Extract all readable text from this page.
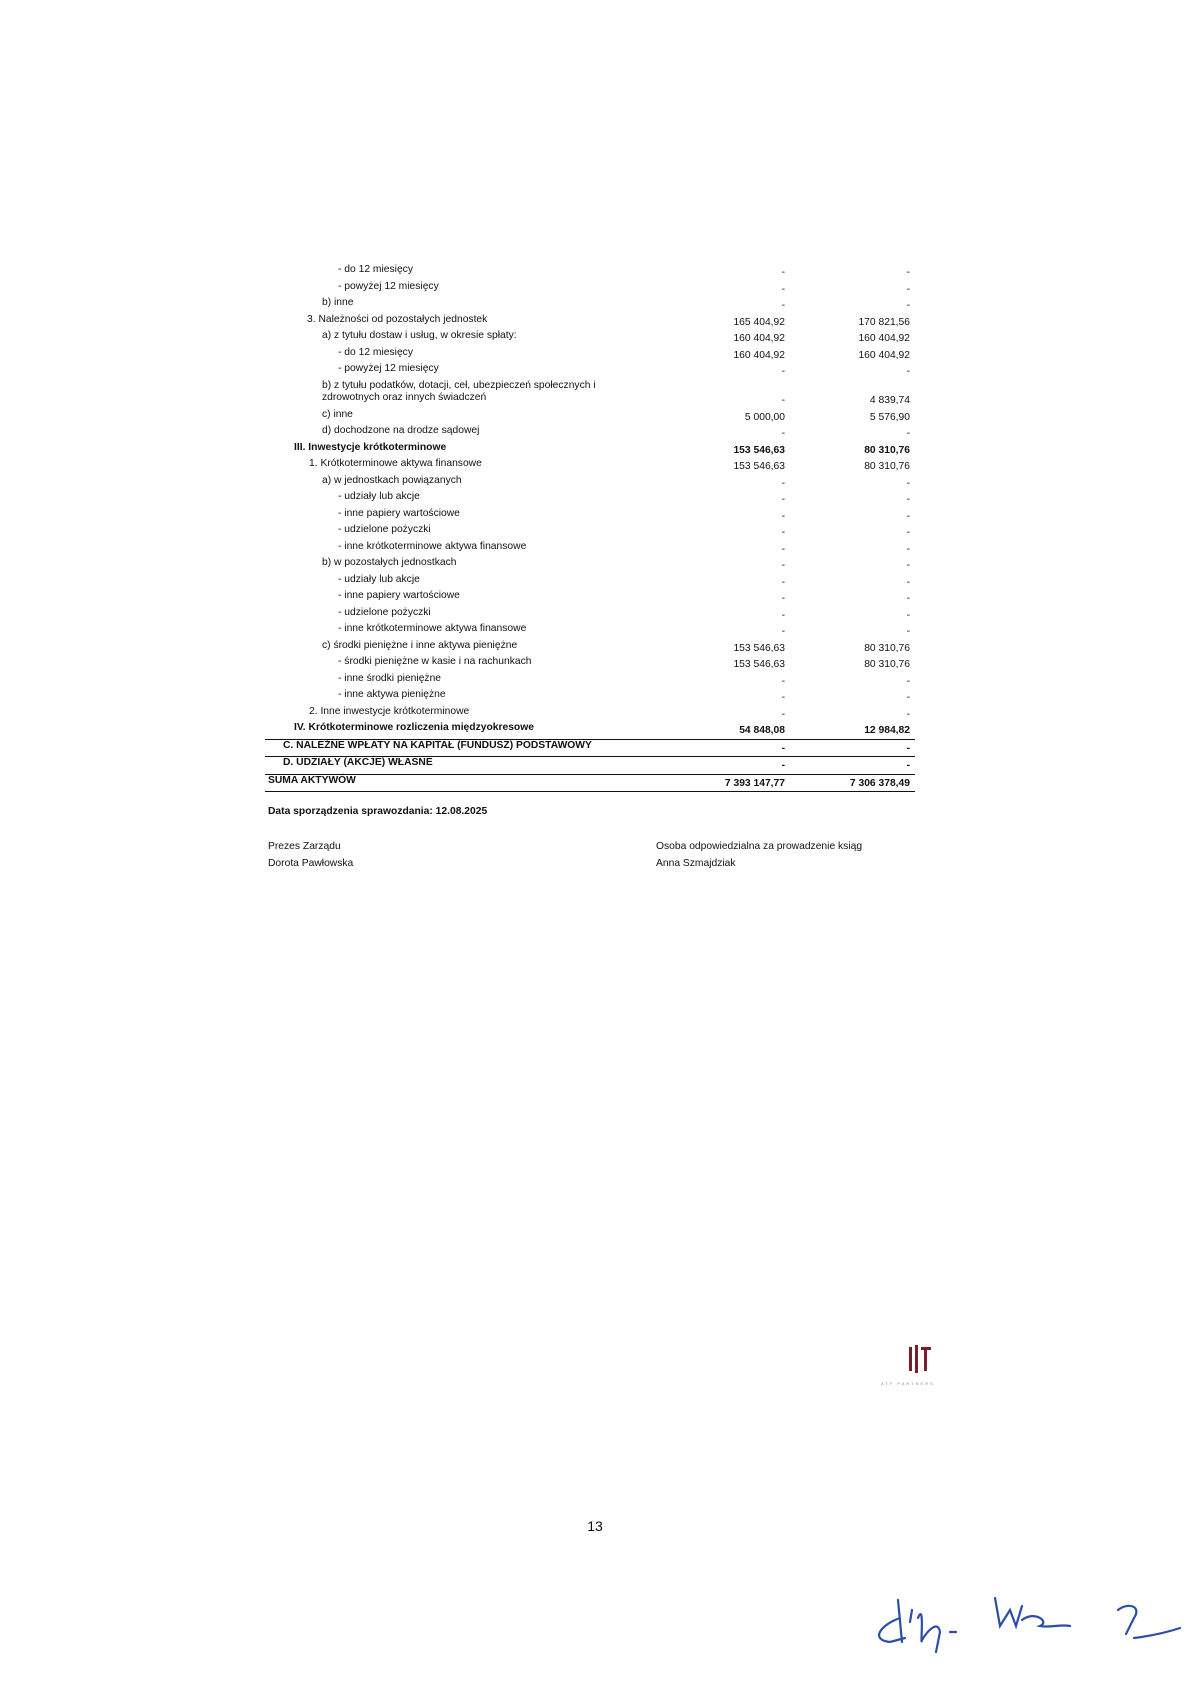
- do 12 miesięcy	-	-
- powyżej 12 miesięcy	-	-
b) inne	-	-
3. Należności od pozostałych jednostek	165 404,92	170 821,56
a) z tytułu dostaw i usług, w okresie spłaty:	160 404,92	160 404,92
- do 12 miesięcy	160 404,92	160 404,92
- powyżej 12 miesięcy	-	-
b) z tytułu podatków, dotacji, ceł, ubezpieczeń społecznych i zdrowotnych oraz innych świadczeń	-	4 839,74
c) inne	5 000,00	5 576,90
d) dochodzone na drodze sądowej	-	-
III. Inwestycje krótkoterminowe	153 546,63	80 310,76
1. Krótkoterminowe aktywa finansowe	153 546,63	80 310,76
a) w jednostkach powiązanych	-	-
- udziały lub akcje	-	-
- inne papiery wartościowe	-	-
- udzielone pożyczki	-	-
- inne krótkoterminowe aktywa finansowe	-	-
b) w pozostałych jednostkach	-	-
- udziały lub akcje	-	-
- inne papiery wartościowe	-	-
- udzielone pożyczki	-	-
- inne krótkoterminowe aktywa finansowe	-	-
c) środki pieniężne i inne aktywa pieniężne	153 546,63	80 310,76
- środki pieniężne w kasie i na rachunkach	153 546,63	80 310,76
- inne środki pieniężne	-	-
- inne aktywa pieniężne	-	-
2. Inne inwestycje krótkoterminowe	-	-
IV. Krótkoterminowe rozliczenia międzyokresowe	54 848,08	12 984,82
C. NALEŻNE WPŁATY NA KAPITAŁ (FUNDUSZ) PODSTAWOWY	-	-
D. UDZIAŁY (AKCJE) WŁASNE	-	-
SUMA AKTYWÓW	7 393 147,77	7 306 378,49
Data sporządzenia sprawozdania: 12.08.2025
Prezes Zarządu
Dorota Pawłowska
Osoba odpowiedzialna za prowadzenie ksiąg
Anna Szmajdziak
ATF PARTNERS
13
